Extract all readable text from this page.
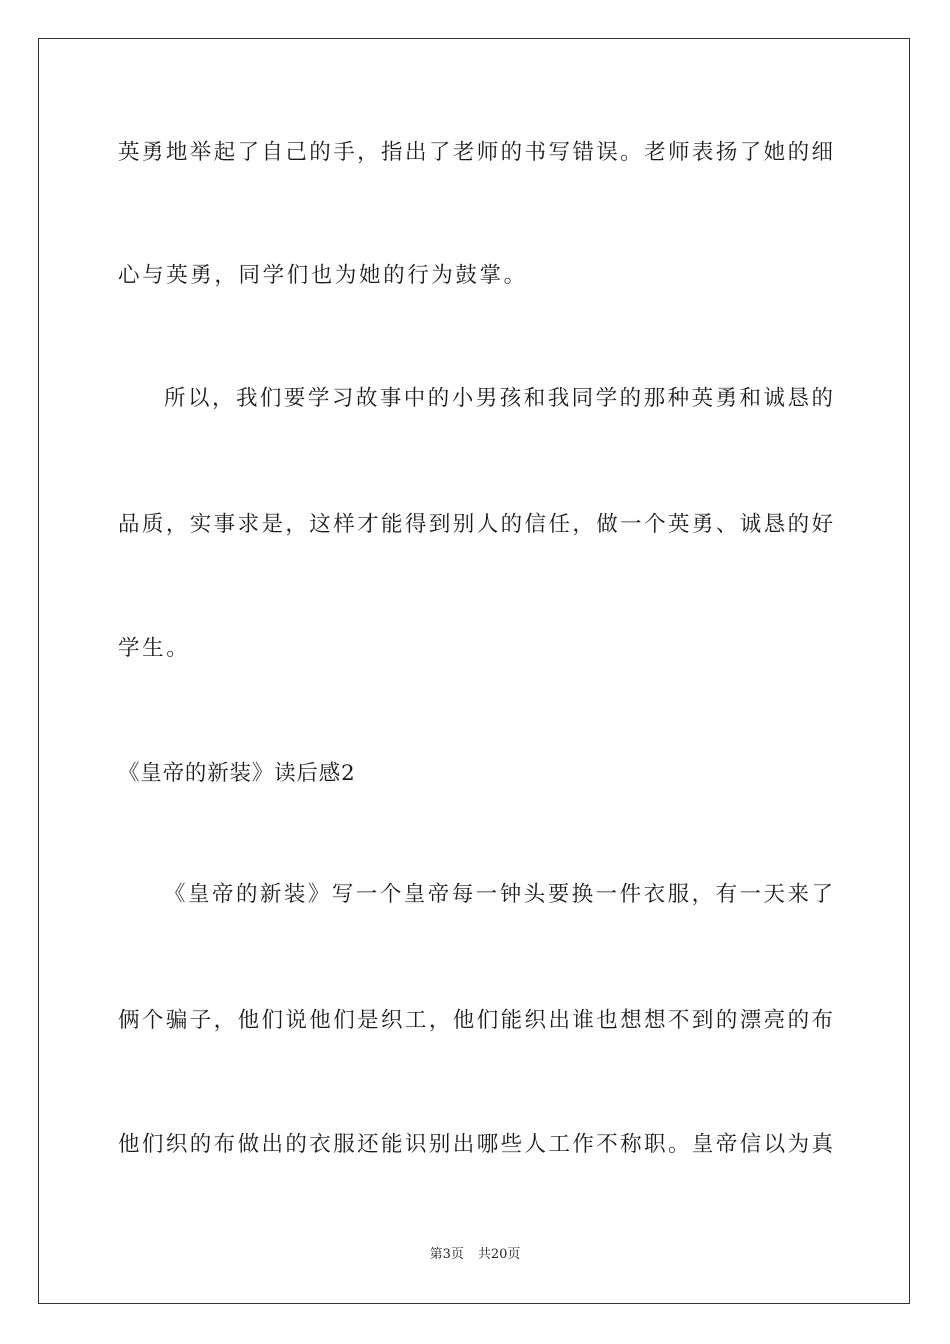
英勇地举起了自己的手，指出了老师的书写错误。老师表扬了她的细
心与英勇，同学们也为她的行为鼓掌。
所以，我们要学习故事中的小男孩和我同学的那种英勇和诚恳的
品质，实事求是，这样才能得到别人的信任，做一个英勇、诚恳的好
学生。
《皇帝的新装》读后感2
《皇帝的新装》写一个皇帝每一钟头要换一件衣服，有一天来了
俩个骗子，他们说他们是织工，他们能织出谁也想想不到的漂亮的布
他们织的布做出的衣服还能识别出哪些人工作不称职。皇帝信以为真
第3页 共20页
